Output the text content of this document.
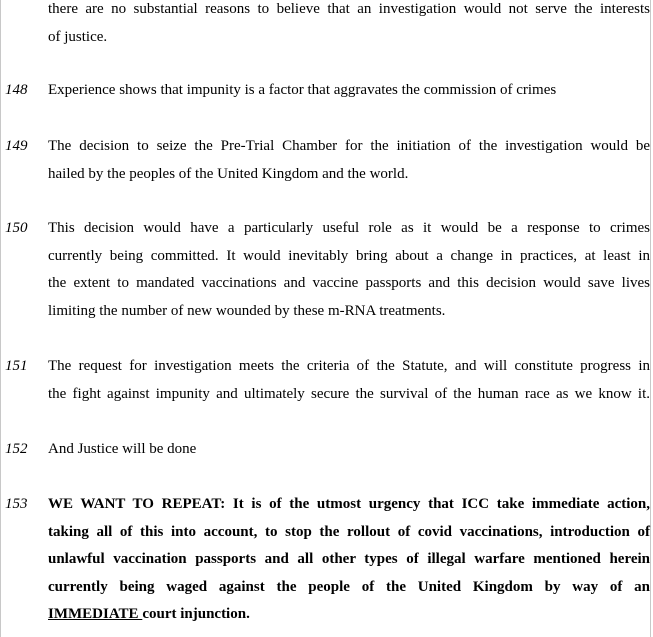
there are no substantial reasons to believe that an investigation would not serve the interests
of justice.
148 Experience shows that impunity is a factor that aggravates the commission of crimes
149 The decision to seize the Pre-Trial Chamber for the initiation of the investigation would be
hailed by the peoples of the United Kingdom and the world.
150 This decision would have a particularly useful role as it would be a response to crimes
currently being committed. It would inevitably bring about a change in practices, at least in
the extent to mandated vaccinations and vaccine passports and this decision would save lives
limiting the number of new wounded by these m-RNA treatments.
151 The request for investigation meets the criteria of the Statute, and will constitute progress in
the fight against impunity and ultimately secure the survival of the human race as we know it.
152 And Justice will be done
153 WE WANT TO REPEAT: It is of the utmost urgency that ICC take immediate action,
taking all of this into account, to stop the rollout of covid vaccinations, introduction of
unlawful vaccination passports and all other types of illegal warfare mentioned herein
currently being waged against the people of the United Kingdom by way of an
IMMEDIATE court injunction.
